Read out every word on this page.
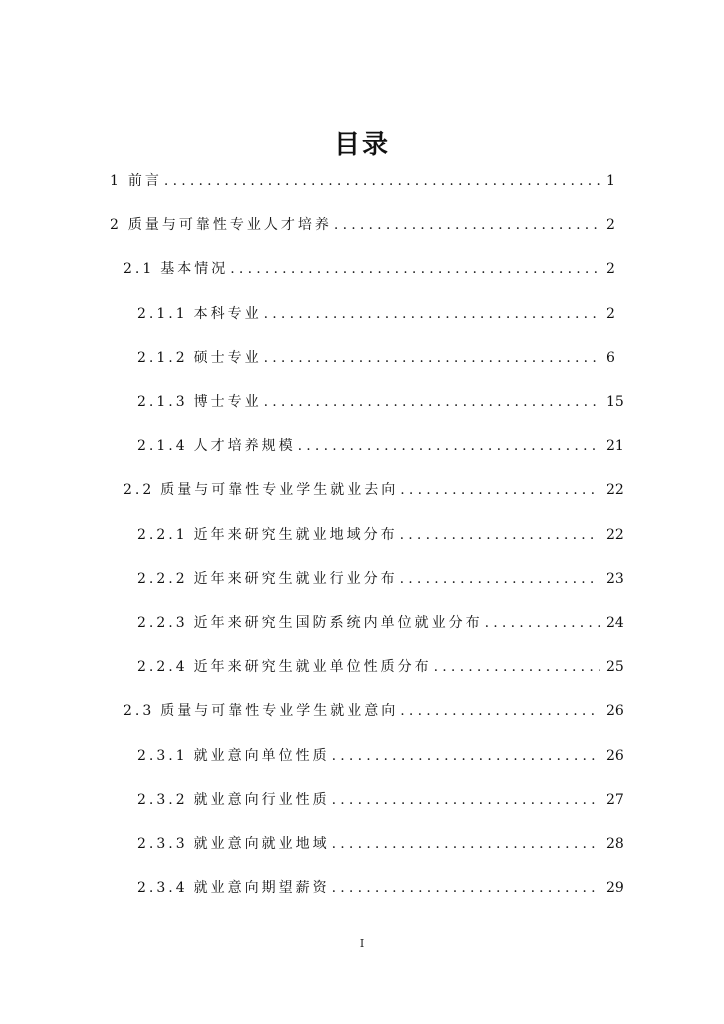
目录
1 前言 .....	1
2 质量与可靠性专业人才培养 .....	2
2.1 基本情况 .....	2
2.1.1 本科专业 .....	2
2.1.2 硕士专业 .....	6
2.1.3 博士专业 .....	15
2.1.4 人才培养规模 .....	21
2.2 质量与可靠性专业学生就业去向 .....	22
2.2.1 近年来研究生就业地域分布 .....	22
2.2.2 近年来研究生就业行业分布 .....	23
2.2.3 近年来研究生国防系统内单位就业分布 .....	24
2.2.4 近年来研究生就业单位性质分布 .....	25
2.3 质量与可靠性专业学生就业意向 .....	26
2.3.1 就业意向单位性质 .....	26
2.3.2 就业意向行业性质 .....	27
2.3.3 就业意向就业地域 .....	28
2.3.4 就业意向期望薪资 .....	29
I
